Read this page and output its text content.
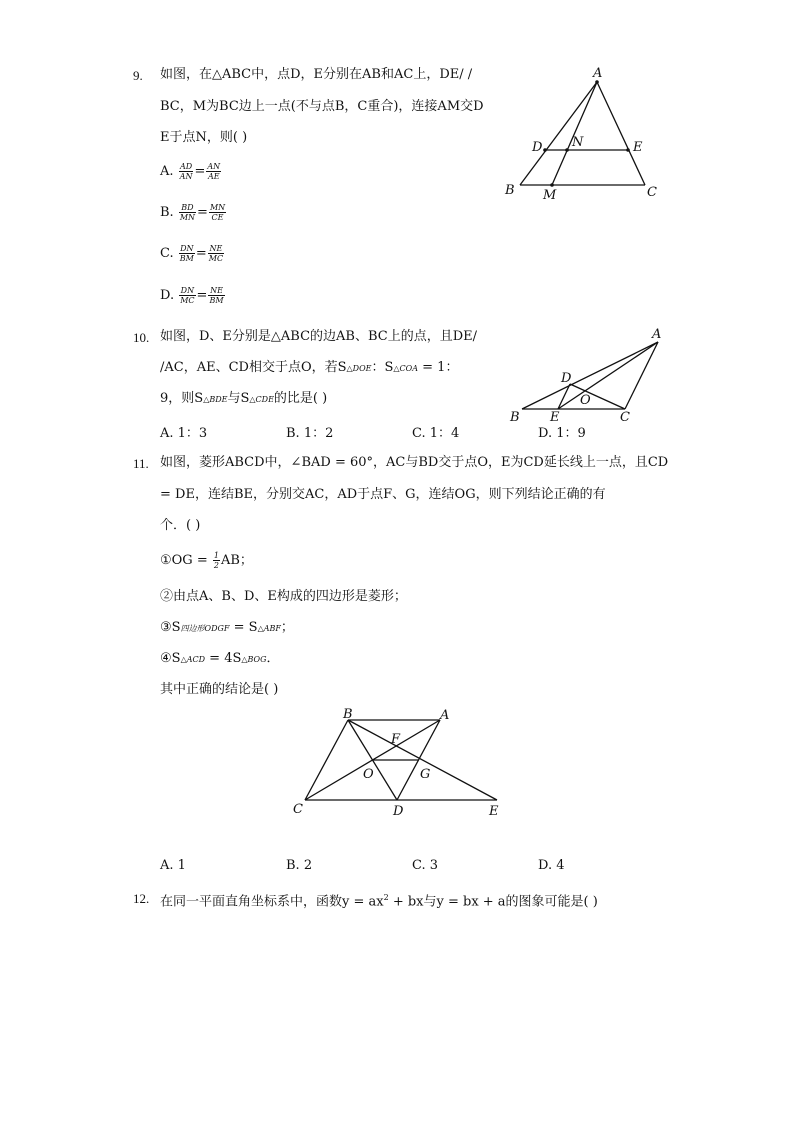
9. 如图，在△ABC中，点D，E分别在AB和AC上，DE/ /
BC，M为BC边上一点(不与点B，C重合)，连接AM交D
E于点N，则( )
A. $\frac{AD}{AN} = \frac{AN}{AE}$
B. $\frac{BD}{MN} = \frac{MN}{CE}$
C. $\frac{DN}{BM} = \frac{NE}{MC}$
D. $\frac{DN}{MC} = \frac{NE}{BM}$
A
D N	E
B M	C
10. 如图，D、E分别是△ABC的边AB、BC上的点，且DE/
/AC，AE、CD相交于点O，若S△DOE：S△COA = 1：
9，则S△BDE与S△CDE的比是( )
A. 1：3	B. 1：2	C. 1：4	D. 1：9
A
D
O
B E	C
11. 如图，菱形ABCD中，∠BAD = 60°，AC与BD交于点O，E为CD延长线上一点，且CD
= DE，连结BE，分别交AC，AD于点F、G，连结OG，则下列结论正确的有
个．( )
①OG = $\frac{1}{2}$ AB；
②由点A、B、D、E构成的四边形是菱形；
③S四边形ODGF = S△ABF；
④S△ACD = 4S△BOG．
其中正确的结论是( )
B	A
F
O	G
C	D	E
A. 1	B. 2	C. 3	D. 4
12. 在同一平面直角坐标系中，函数$y = ax^2$ + bx与y = bx + a的图象可能是( )
